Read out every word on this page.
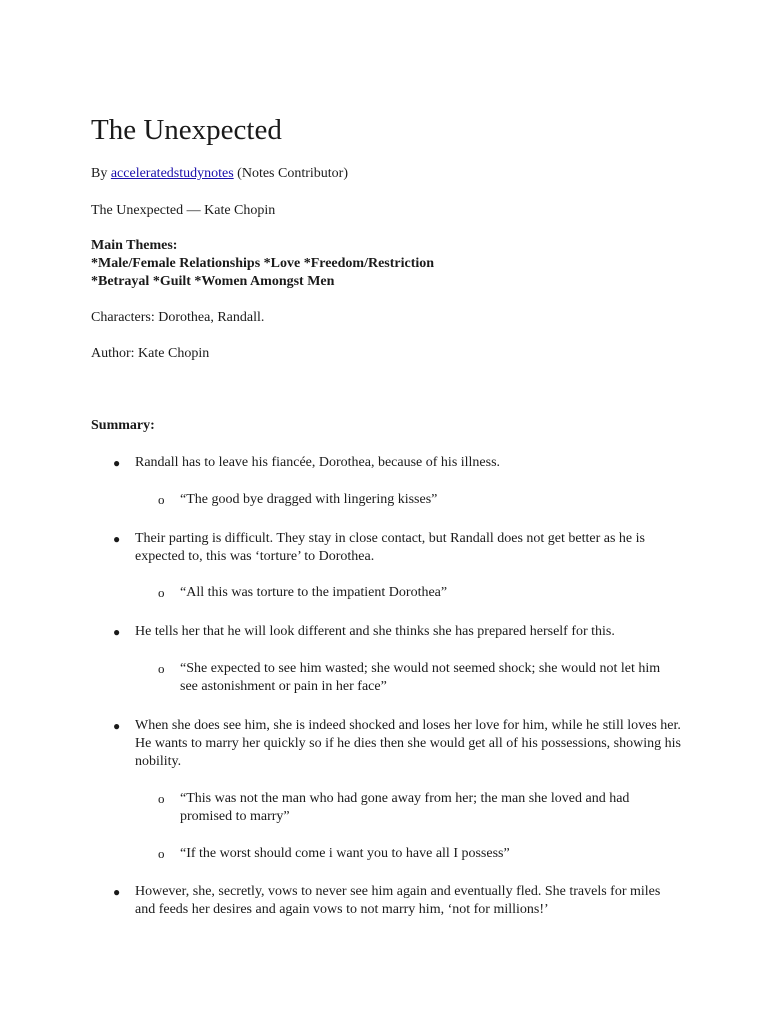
The Unexpected
By acceleratedstudynotes (Notes Contributor)
The Unexpected — Kate Chopin
Main Themes:
*Male/Female Relationships *Love *Freedom/Restriction
*Betrayal *Guilt *Women Amongst Men
Characters: Dorothea, Randall.
Author: Kate Chopin
Summary:
● Randall has to leave his fiancée, Dorothea, because of his illness.
o “The good bye dragged with lingering kisses”
● Their parting is difficult. They stay in close contact, but Randall does not get better as he is expected to, this was ‘torture’ to Dorothea.
o “All this was torture to the impatient Dorothea”
● He tells her that he will look different and she thinks she has prepared herself for this.
o “She expected to see him wasted; she would not seemed shock; she would not let him see astonishment or pain in her face”
● When she does see him, she is indeed shocked and loses her love for him, while he still loves her. He wants to marry her quickly so if he dies then she would get all of his possessions, showing his nobility.
o “This was not the man who had gone away from her; the man she loved and had promised to marry”
o “If the worst should come i want you to have all I possess”
● However, she, secretly, vows to never see him again and eventually fled. She travels for miles and feeds her desires and again vows to not marry him, ‘not for millions!’
